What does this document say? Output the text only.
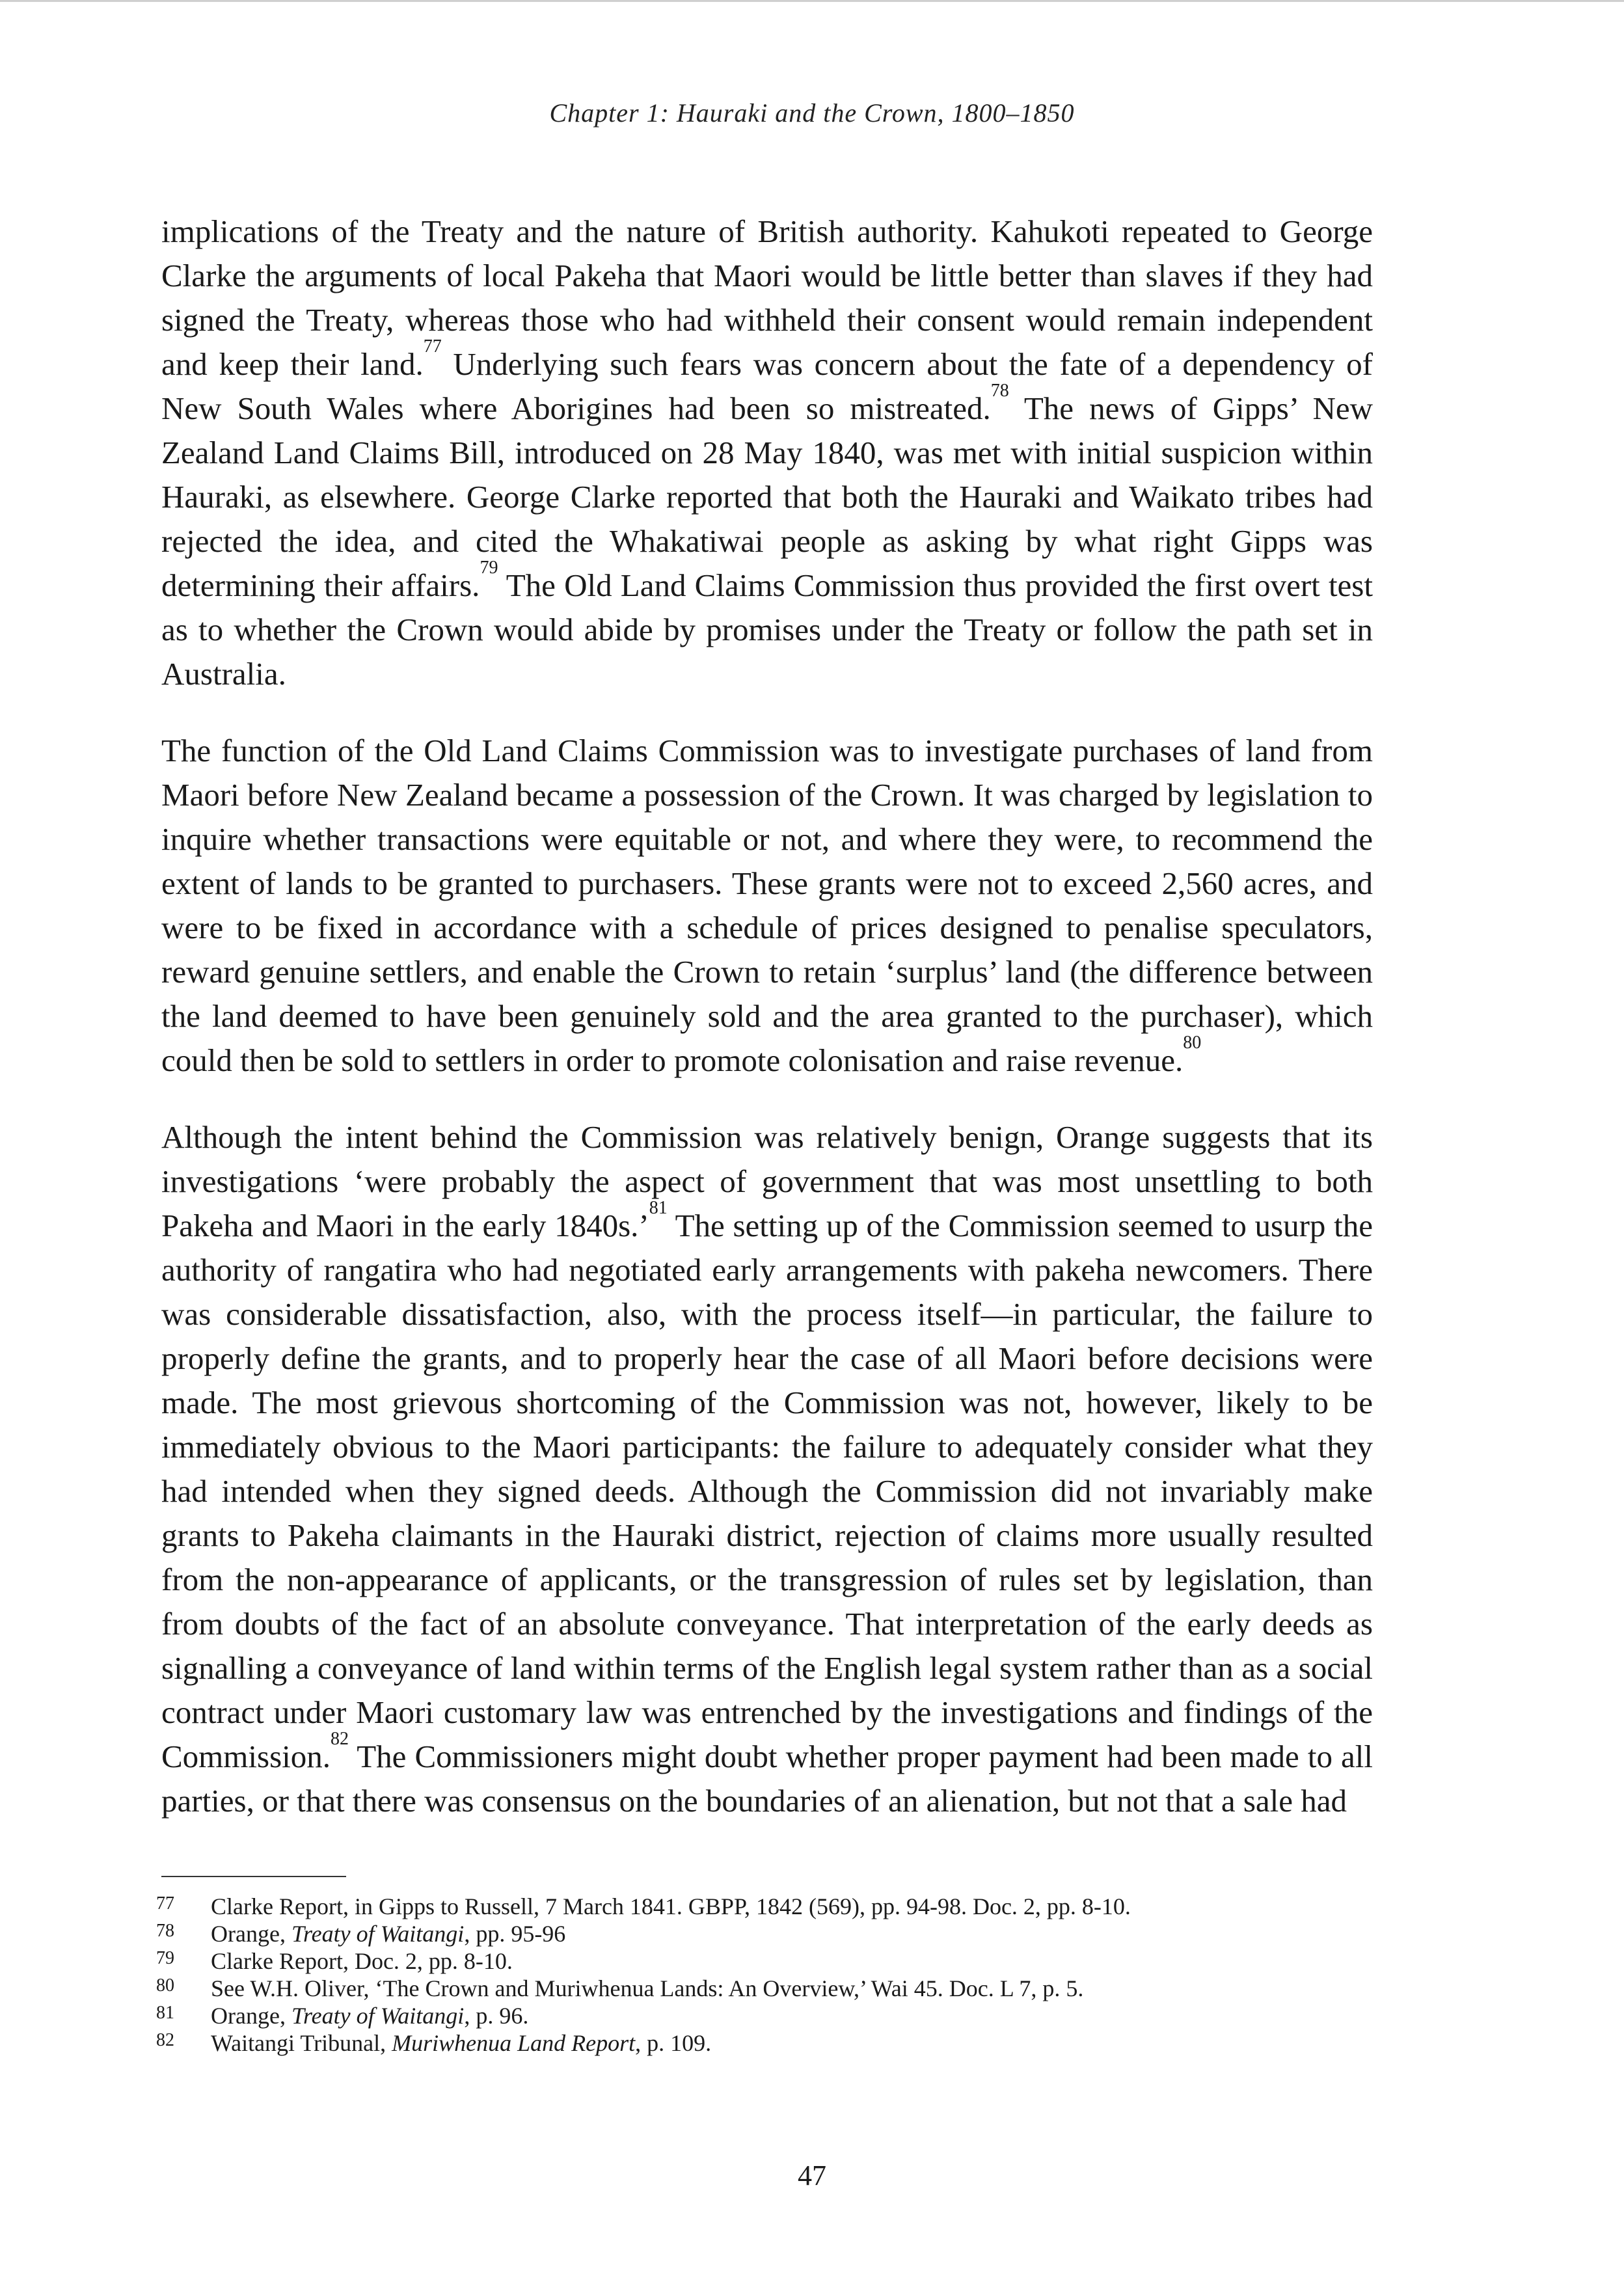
Chapter 1: Hauraki and the Crown, 1800–1850

implications of the Treaty and the nature of British authority. Kahukoti repeated to George Clarke the arguments of local Pakeha that Maori would be little better than slaves if they had signed the Treaty, whereas those who had withheld their consent would remain independent and keep their land.$^{77}$ Underlying such fears was concern about the fate of a dependency of New South Wales where Aborigines had been so mistreated.$^{78}$ The news of Gipps’ New Zealand Land Claims Bill, introduced on 28 May 1840, was met with initial suspicion within Hauraki, as elsewhere. George Clarke reported that both the Hauraki and Waikato tribes had rejected the idea, and cited the Whakatiwai people as asking by what right Gipps was determining their affairs.$^{79}$ The Old Land Claims Commission thus provided the first overt test as to whether the Crown would abide by promises under the Treaty or follow the path set in Australia.

The function of the Old Land Claims Commission was to investigate purchases of land from Maori before New Zealand became a possession of the Crown. It was charged by legislation to inquire whether transactions were equitable or not, and where they were, to recommend the extent of lands to be granted to purchasers. These grants were not to exceed 2,560 acres, and were to be fixed in accordance with a schedule of prices designed to penalise speculators, reward genuine settlers, and enable the Crown to retain ‘surplus’ land (the difference between the land deemed to have been genuinely sold and the area granted to the purchaser), which could then be sold to settlers in order to promote colonisation and raise revenue.$^{80}$

Although the intent behind the Commission was relatively benign, Orange suggests that its investigations ‘were probably the aspect of government that was most unsettling to both Pakeha and Maori in the early 1840s.’$^{81}$ The setting up of the Commission seemed to usurp the authority of rangatira who had negotiated early arrangements with pakeha newcomers. There was considerable dissatisfaction, also, with the process itself—in particular, the failure to properly define the grants, and to properly hear the case of all Maori before decisions were made. The most grievous shortcoming of the Commission was not, however, likely to be immediately obvious to the Maori participants: the failure to adequately consider what they had intended when they signed deeds. Although the Commission did not invariably make grants to Pakeha claimants in the Hauraki district, rejection of claims more usually resulted from the non-appearance of applicants, or the transgression of rules set by legislation, than from doubts of the fact of an absolute conveyance. That interpretation of the early deeds as signalling a conveyance of land within terms of the English legal system rather than as a social contract under Maori customary law was entrenched by the investigations and findings of the Commission.$^{82}$ The Commissioners might doubt whether proper payment had been made to all parties, or that there was consensus on the boundaries of an alienation, but not that a sale had

77	Clarke Report, in Gipps to Russell, 7 March 1841. GBPP, 1842 (569), pp. 94-98. Doc. 2, pp. 8-10.
78	Orange, Treaty of Waitangi, pp. 95-96
79	Clarke Report, Doc. 2, pp. 8-10.
80	See W.H. Oliver, ‘The Crown and Muriwhenua Lands: An Overview,’ Wai 45. Doc. L 7, p. 5.
81	Orange, Treaty of Waitangi, p. 96.
82	Waitangi Tribunal, Muriwhenua Land Report, p. 109.
47
